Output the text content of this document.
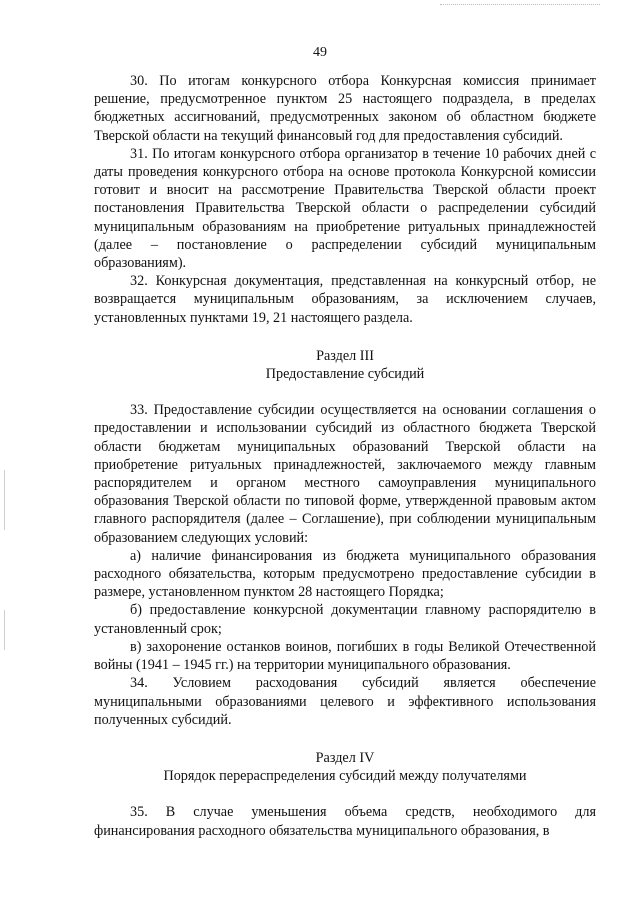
49

30. По итогам конкурсного отбора Конкурсная комиссия принимает решение, предусмотренное пунктом 25 настоящего подраздела, в пределах бюджетных ассигнований, предусмотренных законом об областном бюджете Тверской области на текущий финансовый год для предоставления субсидий.

31. По итогам конкурсного отбора организатор в течение 10 рабочих дней с даты проведения конкурсного отбора на основе протокола Конкурсной комиссии готовит и вносит на рассмотрение Правительства Тверской области проект постановления Правительства Тверской области о распределении субсидий муниципальным образованиям на приобретение ритуальных принадлежностей (далее – постановление о распределении субсидий муниципальным образованиям).

32. Конкурсная документация, представленная на конкурсный отбор, не возвращается муниципальным образованиям, за исключением случаев, установленных пунктами 19, 21 настоящего раздела.

Раздел III

Предоставление субсидий

33. Предоставление субсидии осуществляется на основании соглашения о предоставлении и использовании субсидий из областного бюджета Тверской области бюджетам муниципальных образований Тверской области на приобретение ритуальных принадлежностей, заключаемого между главным распорядителем и органом местного самоуправления муниципального образования Тверской области по типовой форме, утвержденной правовым актом главного распорядителя (далее – Соглашение), при соблюдении муниципальным образованием следующих условий:

а) наличие финансирования из бюджета муниципального образования расходного обязательства, которым предусмотрено предоставление субсидии в размере, установленном пунктом 28 настоящего Порядка;

б) предоставление конкурсной документации главному распорядителю в установленный срок;

в) захоронение останков воинов, погибших в годы Великой Отечественной войны (1941 – 1945 гг.) на территории муниципального образования.

34. Условием расходования субсидий является обеспечение муниципальными образованиями целевого и эффективного использования полученных субсидий.

Раздел IV

Порядок перераспределения субсидий между получателями

35. В случае уменьшения объема средств, необходимого для финансирования расходного обязательства муниципального образования, в
